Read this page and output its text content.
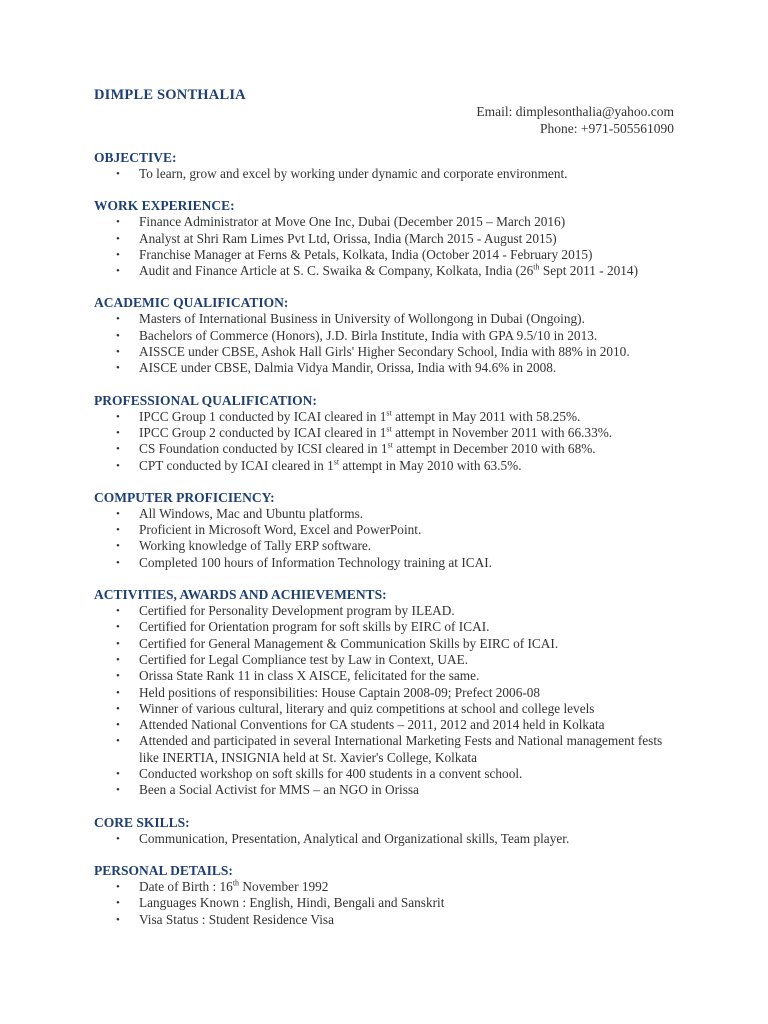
DIMPLE SONTHALIA
Email: dimplesonthalia@yahoo.com
Phone: +971-505561090
OBJECTIVE:
• To learn, grow and excel by working under dynamic and corporate environment.
WORK EXPERIENCE:
• Finance Administrator at Move One Inc, Dubai (December 2015 – March 2016)
• Analyst at Shri Ram Limes Pvt Ltd, Orissa, India (March 2015 - August 2015)
• Franchise Manager at Ferns & Petals, Kolkata, India (October 2014 - February 2015)
• Audit and Finance Article at S. C. Swaika & Company, Kolkata, India (26th Sept 2011 - 2014)
ACADEMIC QUALIFICATION:
• Masters of International Business in University of Wollongong in Dubai (Ongoing).
• Bachelors of Commerce (Honors), J.D. Birla Institute, India with GPA 9.5/10 in 2013.
• AISSCE under CBSE, Ashok Hall Girls' Higher Secondary School, India with 88% in 2010.
• AISCE under CBSE, Dalmia Vidya Mandir, Orissa, India with 94.6% in 2008.
PROFESSIONAL QUALIFICATION:
• IPCC Group 1 conducted by ICAI cleared in 1st attempt in May 2011 with 58.25%.
• IPCC Group 2 conducted by ICAI cleared in 1st attempt in November 2011 with 66.33%.
• CS Foundation conducted by ICSI cleared in 1st attempt in December 2010 with 68%.
• CPT conducted by ICAI cleared in 1st attempt in May 2010 with 63.5%.
COMPUTER PROFICIENCY:
• All Windows, Mac and Ubuntu platforms.
• Proficient in Microsoft Word, Excel and PowerPoint.
• Working knowledge of Tally ERP software.
• Completed 100 hours of Information Technology training at ICAI.
ACTIVITIES, AWARDS AND ACHIEVEMENTS:
• Certified for Personality Development program by ILEAD.
• Certified for Orientation program for soft skills by EIRC of ICAI.
• Certified for General Management & Communication Skills by EIRC of ICAI.
• Certified for Legal Compliance test by Law in Context, UAE.
• Orissa State Rank 11 in class X AISCE, felicitated for the same.
• Held positions of responsibilities: House Captain 2008-09; Prefect 2006-08
• Winner of various cultural, literary and quiz competitions at school and college levels
• Attended National Conventions for CA students – 2011, 2012 and 2014 held in Kolkata
• Attended and participated in several International Marketing Fests and National management fests like INERTIA, INSIGNIA held at St. Xavier's College, Kolkata
• Conducted workshop on soft skills for 400 students in a convent school.
• Been a Social Activist for MMS – an NGO in Orissa
CORE SKILLS:
• Communication, Presentation, Analytical and Organizational skills, Team player.
PERSONAL DETAILS:
• Date of Birth : 16th November 1992
• Languages Known : English, Hindi, Bengali and Sanskrit
• Visa Status : Student Residence Visa
